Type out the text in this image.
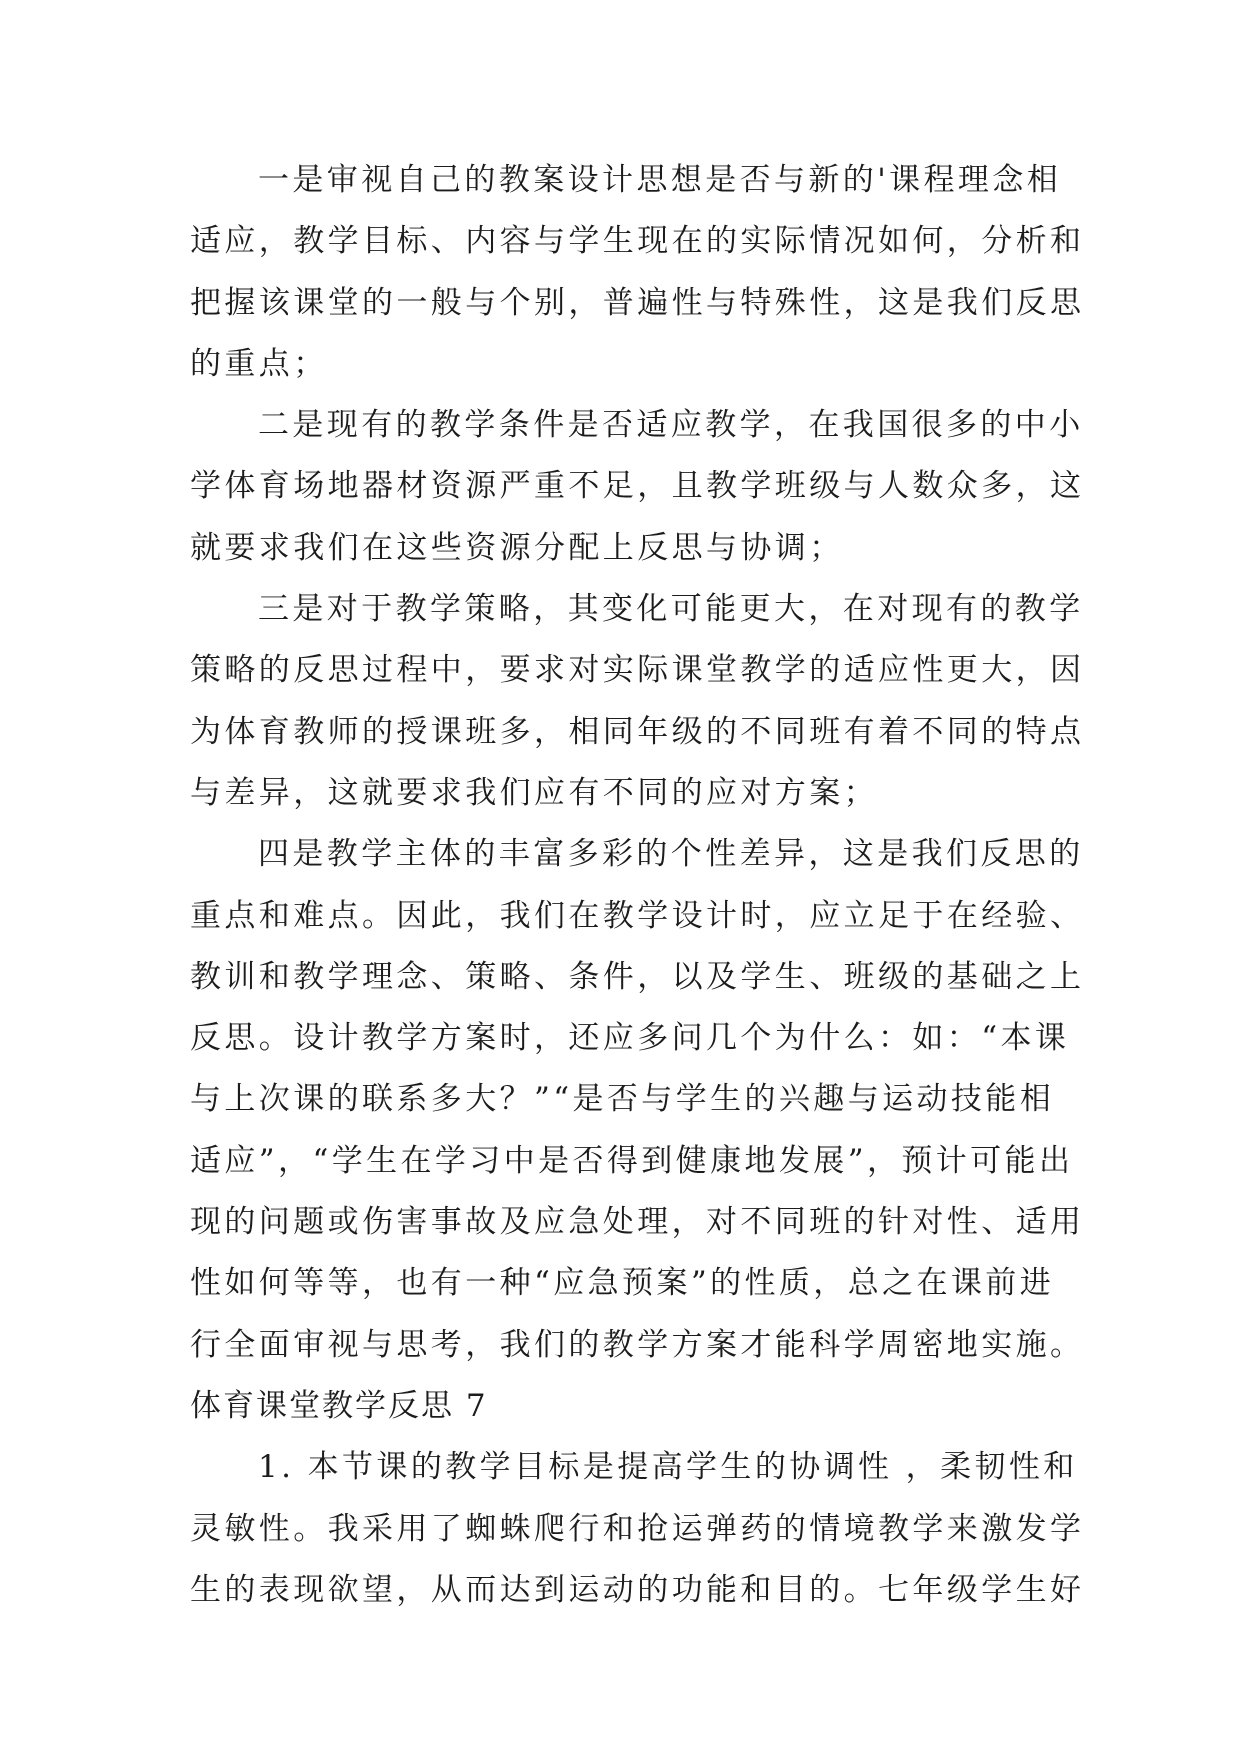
一是审视自己的教案设计思想是否与新的'课程理念相
适应，教学目标、内容与学生现在的实际情况如何，分析和
把握该课堂的一般与个别，普遍性与特殊性，这是我们反思
的重点；
二是现有的教学条件是否适应教学，在我国很多的中小
学体育场地器材资源严重不足，且教学班级与人数众多，这
就要求我们在这些资源分配上反思与协调；
三是对于教学策略，其变化可能更大，在对现有的教学
策略的反思过程中，要求对实际课堂教学的适应性更大，因
为体育教师的授课班多，相同年级的不同班有着不同的特点
与差异，这就要求我们应有不同的应对方案；
四是教学主体的丰富多彩的个性差异，这是我们反思的
重点和难点。因此，我们在教学设计时，应立足于在经验、
教训和教学理念、策略、条件，以及学生、班级的基础之上
反思。设计教学方案时，还应多问几个为什么：如：“本课
与上次课的联系多大？”“是否与学生的兴趣与运动技能相
适应”，“学生在学习中是否得到健康地发展”，预计可能出
现的问题或伤害事故及应急处理，对不同班的针对性、适用
性如何等等，也有一种“应急预案”的性质，总之在课前进
行全面审视与思考，我们的教学方案才能科学周密地实施。
体育课堂教学反思 7
1. 本节课的教学目标是提高学生的协调性 ，柔韧性和
灵敏性。我采用了蜘蛛爬行和抢运弹药的情境教学来激发学
生的表现欲望，从而达到运动的功能和目的。七年级学生好
